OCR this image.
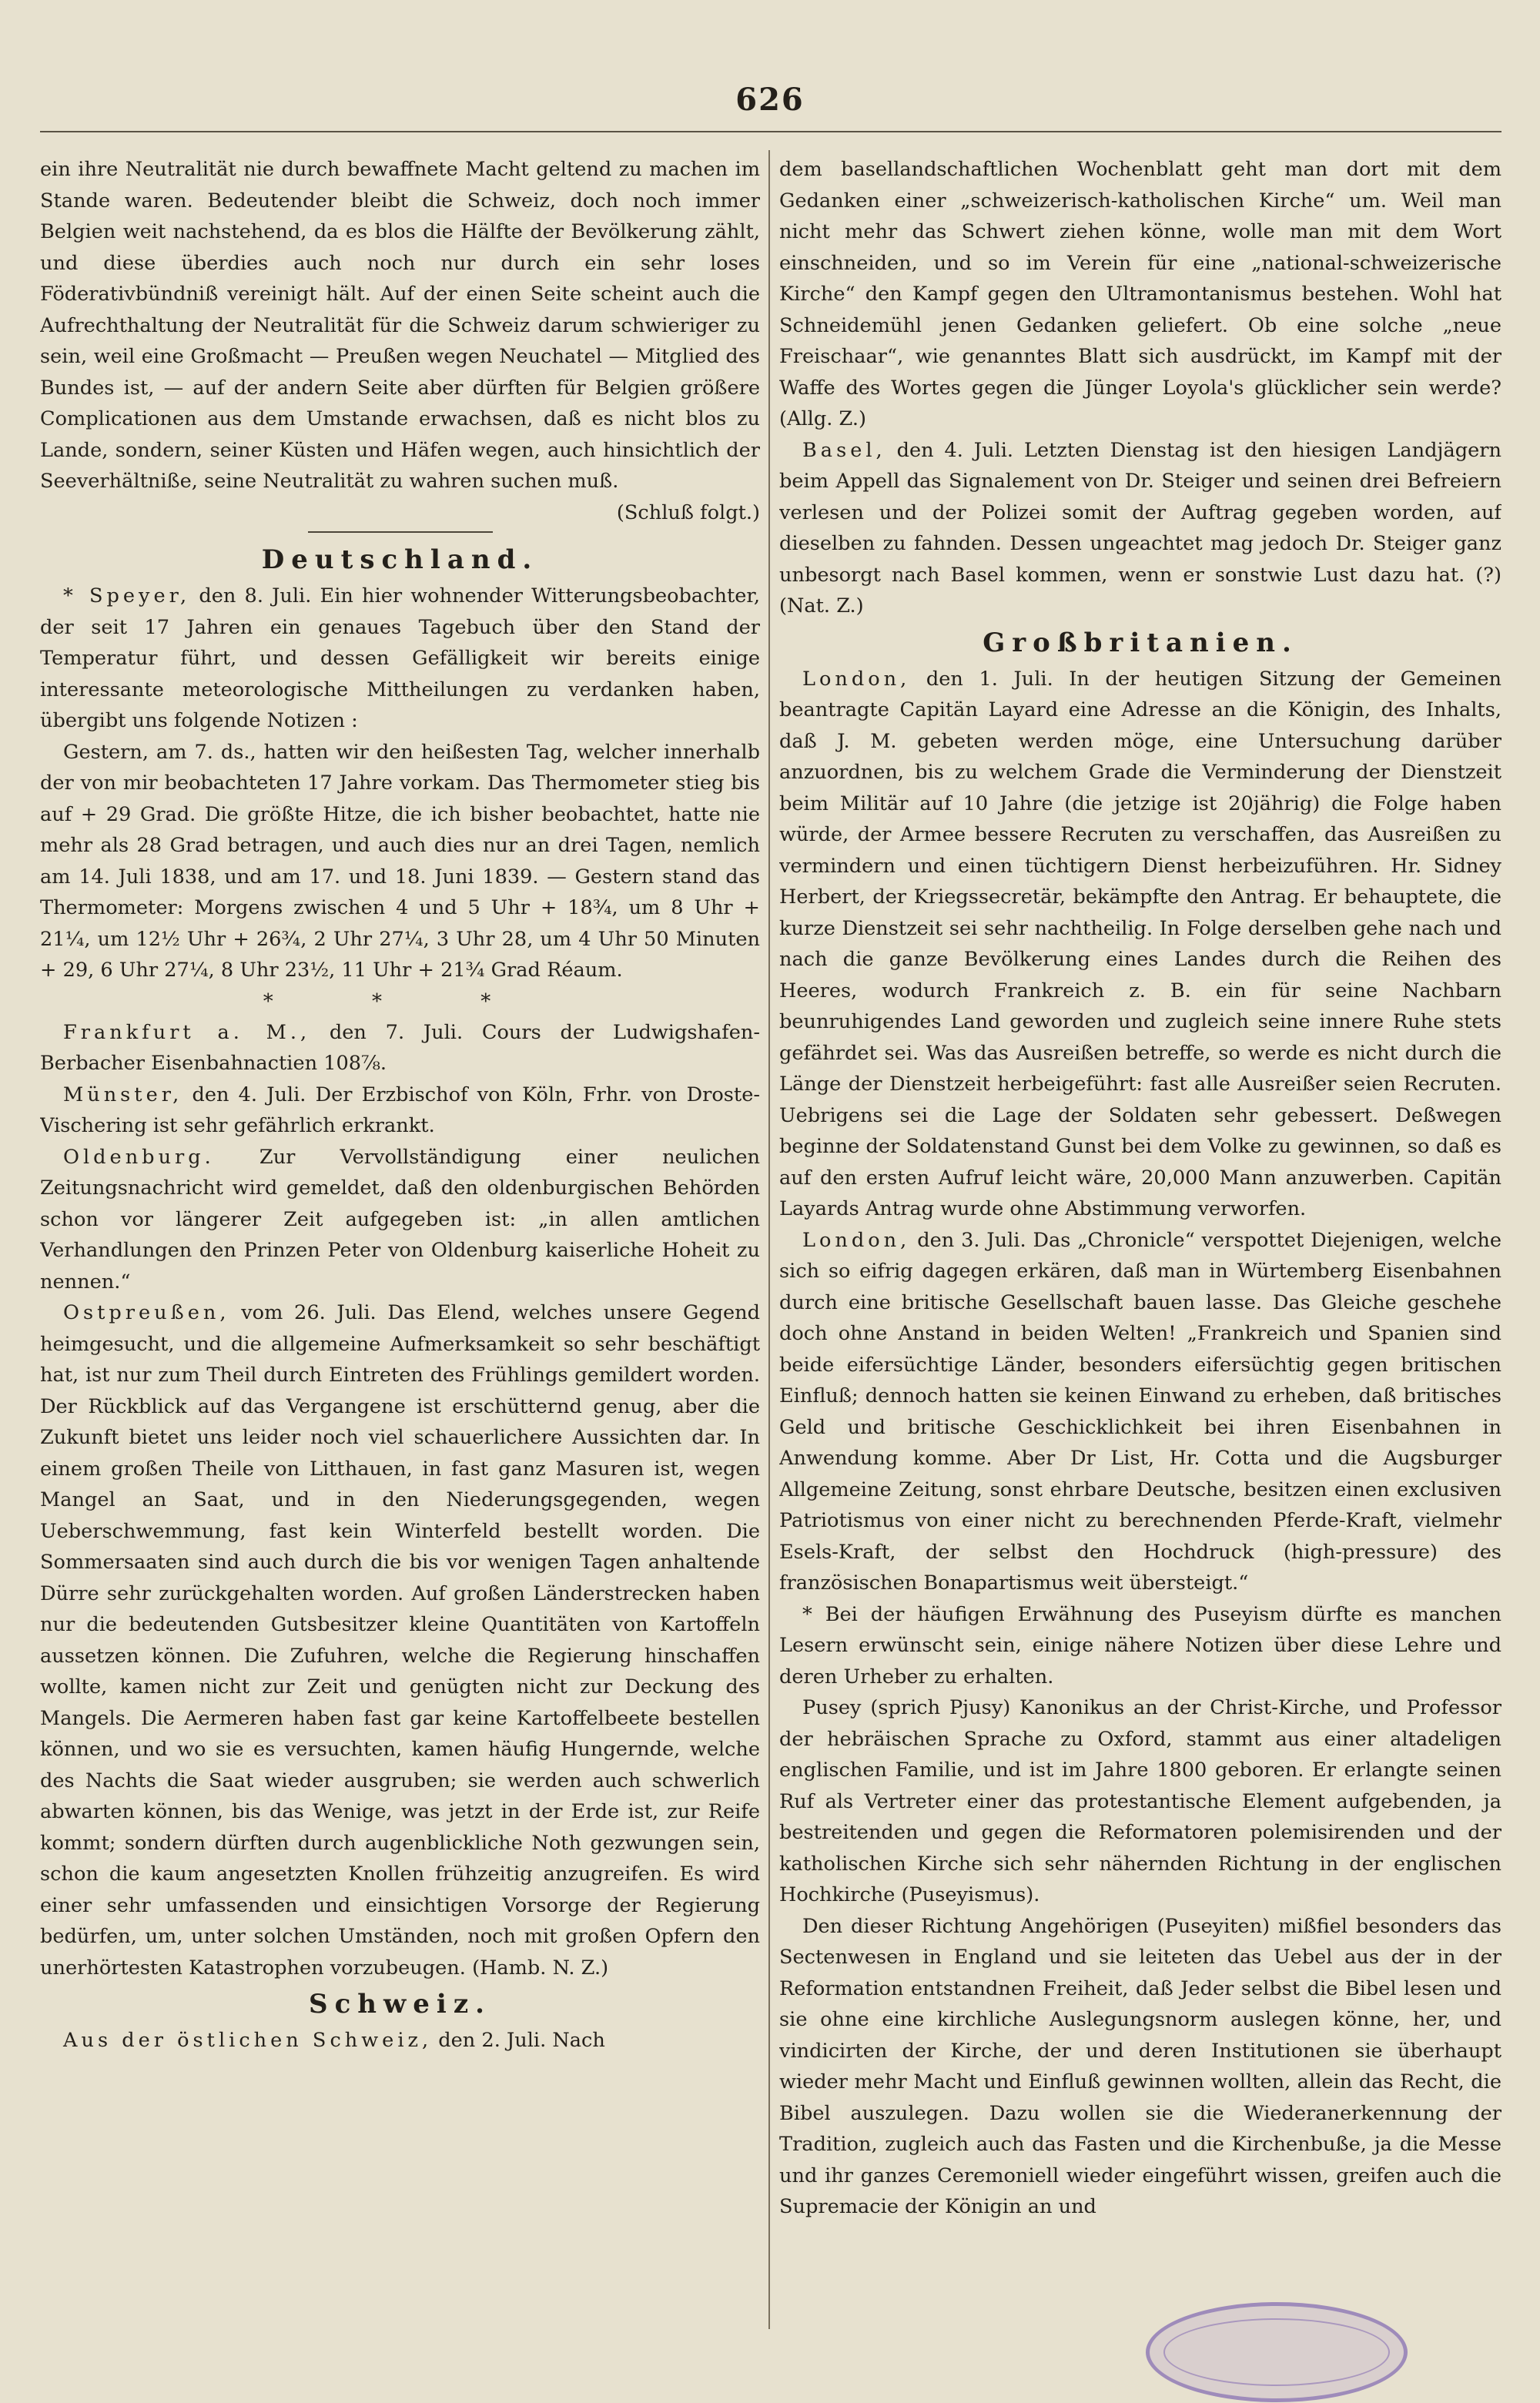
626

ein ihre Neutralität nie durch bewaffnete Macht geltend zu machen im Stande waren. Bedeutender bleibt die Schweiz, doch noch immer Belgien weit nachstehend, da es blos die Hälfte der Bevölkerung zählt, und diese überdies auch noch nur durch ein sehr loses Föderativbündniß vereinigt hält. Auf der einen Seite scheint auch die Aufrechthaltung der Neutralität für die Schweiz darum schwieriger zu sein, weil eine Großmacht — Preußen wegen Neuchatel — Mitglied des Bundes ist, — auf der andern Seite aber dürften für Belgien größere Complicationen aus dem Umstande erwachsen, daß es nicht blos zu Lande, sondern, seiner Küsten und Häfen wegen, auch hinsichtlich der Seeverhältniße, seine Neutralität zu wahren suchen muß.
(Schluß folgt.)

Deutschland.

* Speyer, den 8. Juli. Ein hier wohnender Witterungsbeobachter, der seit 17 Jahren ein genaues Tagebuch über den Stand der Temperatur führt, und dessen Gefälligkeit wir bereits einige interessante meteorologische Mittheilungen zu verdanken haben, übergibt uns folgende Notizen :

Gestern, am 7. ds., hatten wir den heißesten Tag, welcher innerhalb der von mir beobachteten 17 Jahre vorkam. Das Thermometer stieg bis auf + 29 Grad. Die größte Hitze, die ich bisher beobachtet, hatte nie mehr als 28 Grad betragen, und auch dies nur an drei Tagen, nemlich am 14. Juli 1838, und am 17. und 18. Juni 1839. — Gestern stand das Thermometer: Morgens zwischen 4 und 5 Uhr + 18¾, um 8 Uhr + 21¼, um 12½ Uhr + 26¾, 2 Uhr 27¼, 3 Uhr 28, um 4 Uhr 50 Minuten + 29, 6 Uhr 27¼, 8 Uhr 23½, 11 Uhr + 21¾ Grad Réaum.

* * *

Frankfurt a. M., den 7. Juli. Cours der Ludwigshafen-Berbacher Eisenbahnactien 108⅞.

Münster, den 4. Juli. Der Erzbischof von Köln, Frhr. von Droste-Vischering ist sehr gefährlich erkrankt.

Oldenburg. Zur Vervollständigung einer neulichen Zeitungsnachricht wird gemeldet, daß den oldenburgischen Behörden schon vor längerer Zeit aufgegeben ist: „in allen amtlichen Verhandlungen den Prinzen Peter von Oldenburg kaiserliche Hoheit zu nennen.“

Ostpreußen, vom 26. Juli. Das Elend, welches unsere Gegend heimgesucht, und die allgemeine Aufmerksamkeit so sehr beschäftigt hat, ist nur zum Theil durch Eintreten des Frühlings gemildert worden. Der Rückblick auf das Vergangene ist erschütternd genug, aber die Zukunft bietet uns leider noch viel schauerlichere Aussichten dar. In einem großen Theile von Litthauen, in fast ganz Masuren ist, wegen Mangel an Saat, und in den Niederungsgegenden, wegen Ueberschwemmung, fast kein Winterfeld bestellt worden. Die Sommersaaten sind auch durch die bis vor wenigen Tagen anhaltende Dürre sehr zurückgehalten worden. Auf großen Länderstrecken haben nur die bedeutenden Gutsbesitzer kleine Quantitäten von Kartoffeln aussetzen können. Die Zufuhren, welche die Regierung hinschaffen wollte, kamen nicht zur Zeit und genügten nicht zur Deckung des Mangels. Die Aermeren haben fast gar keine Kartoffelbeete bestellen können, und wo sie es versuchten, kamen häufig Hungernde, welche des Nachts die Saat wieder ausgruben; sie werden auch schwerlich abwarten können, bis das Wenige, was jetzt in der Erde ist, zur Reife kommt; sondern dürften durch augenblickliche Noth gezwungen sein, schon die kaum angesetzten Knollen frühzeitig anzugreifen. Es wird einer sehr umfassenden und einsichtigen Vorsorge der Regierung bedürfen, um, unter solchen Umständen, noch mit großen Opfern den unerhörtesten Katastrophen vorzubeugen. (Hamb. N. Z.)

Schweiz.

Aus der östlichen Schweiz, den 2. Juli. Nach

dem basellandschaftlichen Wochenblatt geht man dort mit dem Gedanken einer „schweizerisch-katholischen Kirche“ um. Weil man nicht mehr das Schwert ziehen könne, wolle man mit dem Wort einschneiden, und so im Verein für eine „national-schweizerische Kirche“ den Kampf gegen den Ultramontanismus bestehen. Wohl hat Schneidemühl jenen Gedanken geliefert. Ob eine solche „neue Freischaar“, wie genanntes Blatt sich ausdrückt, im Kampf mit der Waffe des Wortes gegen die Jünger Loyola's glücklicher sein werde? (Allg. Z.)

Basel, den 4. Juli. Letzten Dienstag ist den hiesigen Landjägern beim Appell das Signalement von Dr. Steiger und seinen drei Befreiern verlesen und der Polizei somit der Auftrag gegeben worden, auf dieselben zu fahnden. Dessen ungeachtet mag jedoch Dr. Steiger ganz unbesorgt nach Basel kommen, wenn er sonstwie Lust dazu hat. (?) (Nat. Z.)

Großbritanien.

London, den 1. Juli. In der heutigen Sitzung der Gemeinen beantragte Capitän Layard eine Adresse an die Königin, des Inhalts, daß J. M. gebeten werden möge, eine Untersuchung darüber anzuordnen, bis zu welchem Grade die Verminderung der Dienstzeit beim Militär auf 10 Jahre (die jetzige ist 20jährig) die Folge haben würde, der Armee bessere Recruten zu verschaffen, das Ausreißen zu vermindern und einen tüchtigern Dienst herbeizuführen. Hr. Sidney Herbert, der Kriegssecretär, bekämpfte den Antrag. Er behauptete, die kurze Dienstzeit sei sehr nachtheilig. In Folge derselben gehe nach und nach die ganze Bevölkerung eines Landes durch die Reihen des Heeres, wodurch Frankreich z. B. ein für seine Nachbarn beunruhigendes Land geworden und zugleich seine innere Ruhe stets gefährdet sei. Was das Ausreißen betreffe, so werde es nicht durch die Länge der Dienstzeit herbeigeführt: fast alle Ausreißer seien Recruten. Uebrigens sei die Lage der Soldaten sehr gebessert. Deßwegen beginne der Soldatenstand Gunst bei dem Volke zu gewinnen, so daß es auf den ersten Aufruf leicht wäre, 20,000 Mann anzuwerben. Capitän Layards Antrag wurde ohne Abstimmung verworfen.

London, den 3. Juli. Das „Chronicle“ verspottet Diejenigen, welche sich so eifrig dagegen erkären, daß man in Würtemberg Eisenbahnen durch eine britische Gesellschaft bauen lasse. Das Gleiche geschehe doch ohne Anstand in beiden Welten! „Frankreich und Spanien sind beide eifersüchtige Länder, besonders eifersüchtig gegen britischen Einfluß; dennoch hatten sie keinen Einwand zu erheben, daß britisches Geld und britische Geschicklichkeit bei ihren Eisenbahnen in Anwendung komme. Aber Dr List, Hr. Cotta und die Augsburger Allgemeine Zeitung, sonst ehrbare Deutsche, besitzen einen exclusiven Patriotismus von einer nicht zu berechnenden Pferde-Kraft, vielmehr Esels-Kraft, der selbst den Hochdruck (high-pressure) des französischen Bonapartismus weit übersteigt.“

* Bei der häufigen Erwähnung des Puseyism dürfte es manchen Lesern erwünscht sein, einige nähere Notizen über diese Lehre und deren Urheber zu erhalten.

Pusey (sprich Pjusy) Kanonikus an der Christ-Kirche, und Professor der hebräischen Sprache zu Oxford, stammt aus einer altadeligen englischen Familie, und ist im Jahre 1800 geboren. Er erlangte seinen Ruf als Vertreter einer das protestantische Element aufgebenden, ja bestreitenden und gegen die Reformatoren polemisirenden und der katholischen Kirche sich sehr nähernden Richtung in der englischen Hochkirche (Puseyismus).

Den dieser Richtung Angehörigen (Puseyiten) mißfiel besonders das Sectenwesen in England und sie leiteten das Uebel aus der in der Reformation entstandnen Freiheit, daß Jeder selbst die Bibel lesen und sie ohne eine kirchliche Auslegungsnorm auslegen könne, her, und vindicirten der Kirche, der und deren Institutionen sie überhaupt wieder mehr Macht und Einfluß gewinnen wollten, allein das Recht, die Bibel auszulegen. Dazu wollen sie die Wiederanerkennung der Tradition, zugleich auch das Fasten und die Kirchenbuße, ja die Messe und ihr ganzes Ceremoniell wieder eingeführt wissen, greifen auch die Supremacie der Königin an und
